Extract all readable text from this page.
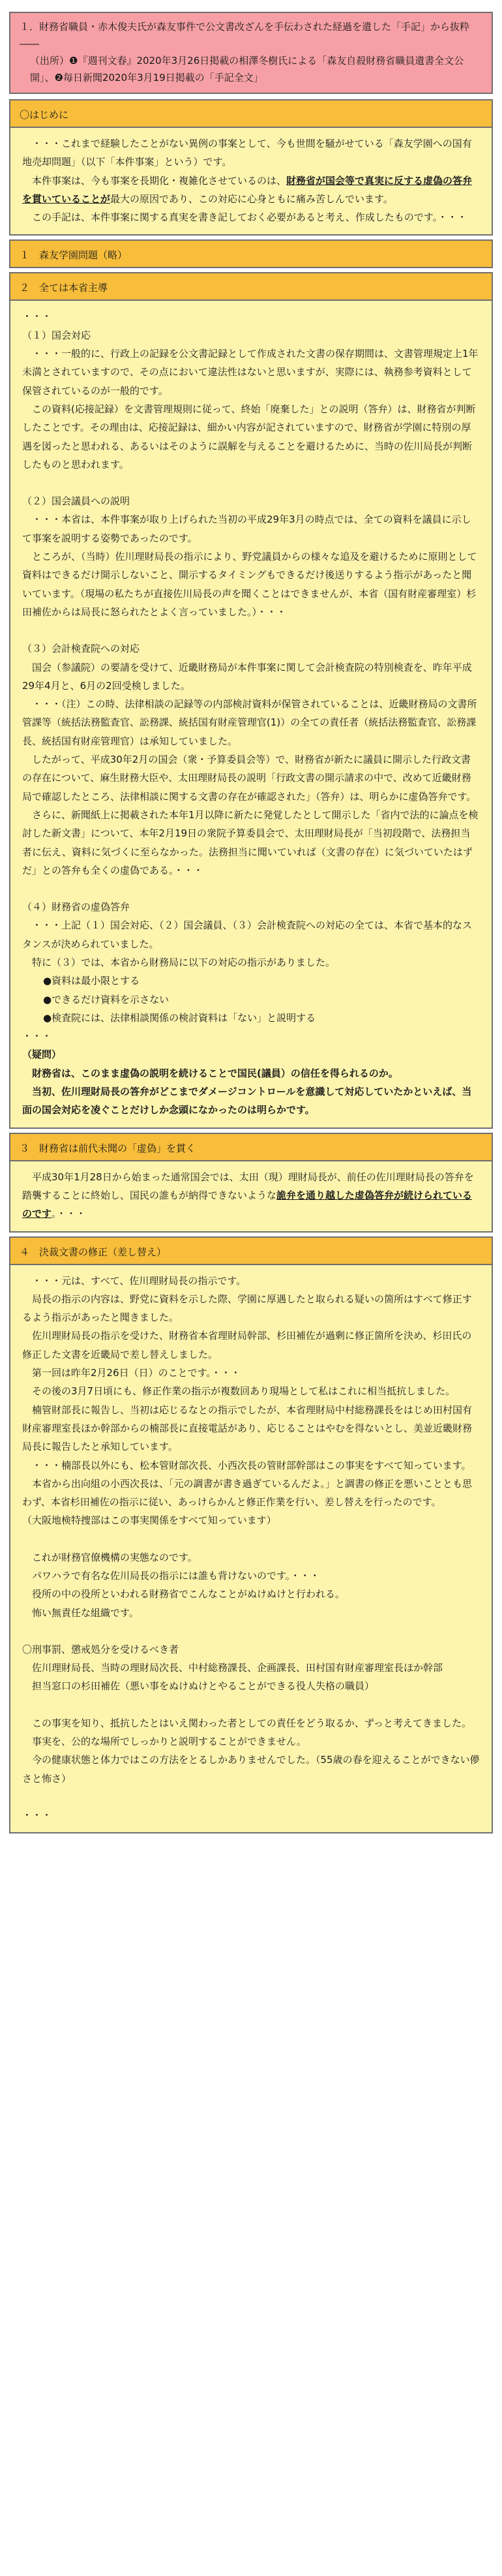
１．財務省職員・赤木俊夫氏が森友事件で公文書改ざんを手伝わされた経過を遺した「手記」から抜粋――
（出所）❶『週刊文春』2020年3月26日掲載の相澤冬樹氏による「森友自殺財務省職員遺書全文公開」、❷毎日新聞2020年3月19日掲載の「手記全文」
〇はじめに

　・・・これまで経験したことがない異例の事案として、今も世間を騒がせている「森友学園への国有地売却問題」（以下「本件事案」という）です。

　本件事案は、今も事案を長期化・複雑化させているのは、財務省が国会等で真実に反する虚偽の答弁を貫いていることが最大の原因であり、この対応に心身ともに痛み苦しんでいます。

　この手記は、本件事案に関する真実を書き記しておく必要があると考え、作成したものです。・・・

１　森友学園問題（略）
２　全ては本省主導

・・・

（１）国会対応

　・・・一般的に、行政上の記録を公文書記録として作成された文書の保存期間は、文書管理規定上1年未満とされていますので、その点において違法性はないと思いますが、実際には、執務参考資料として保管されているのが一般的です。

　この資料(応接記録）を文書管理規則に従って、終始「廃棄した」との説明（答弁）は、財務省が判断したことです。その理由は、応接記録は、細かい内容が記されていますので、財務省が学園に特別の厚遇を図ったと思われる、あるいはそのように誤解を与えることを避けるために、当時の佐川局長が判断したものと思われます。

（２）国会議員への説明

　・・・本省は、本件事案が取り上げられた当初の平成29年3月の時点では、全ての資料を議員に示して事案を説明する姿勢であったのです。

　ところが、（当時）佐川理財局長の指示により、野党議員からの様々な追及を避けるために原則として資料はできるだけ開示しないこと、開示するタイミングもできるだけ後送りするよう指示があったと聞いています。（現場の私たちが直接佐川局長の声を聞くことはできませんが、本省（国有財産審理室）杉田補佐からは局長に怒られたとよく言っていました。）・・・

（３）会計検査院への対応

　国会（参議院）の要請を受けて、近畿財務局が本件事案に関して会計検査院の特別検査を、昨年平成29年4月と、6月の2回受検しました。

　・・・（注）この時、法律相談の記録等の内部検討資料が保管されていることは、近畿財務局の文書所管課等（統括法務監査官、訟務課、統括国有財産管理官(1)）の全ての責任者（統括法務監査官、訟務課長、統括国有財産管理官）は承知していました。

　したがって、平成30年2月の国会（衆・予算委員会等）で、財務省が新たに議員に開示した行政文書の存在について、麻生財務大臣や、太田理財局長の説明「行政文書の開示請求の中で、改めて近畿財務局で確認したところ、法律相談に関する文書の存在が確認された」（答弁）は、明らかに虚偽答弁です。

　さらに、新聞紙上に掲載された本年1月以降に新たに発覚したとして開示した「省内で法的に論点を検討した新文書」について、本年2月19日の衆院予算委員会で、太田理財局長が「当初段階で、法務担当者に伝え、資料に気づくに至らなかった。法務担当に聞いていれば（文書の存在）に気づいていたはずだ」との答弁も全くの虚偽である。・・・

（４）財務省の虚偽答弁

　・・・上記（１）国会対応、（２）国会議員、（３）会計検査院への対応の全ては、本省で基本的なスタンスが決められていました。

　特に（３）では、本省から財務局に以下の対応の指示がありました。

●資料は最小限とする

●できるだけ資料を示さない

●検査院には、法律相談関係の検討資料は「ない」と説明する

・・・

（疑問）

　財務省は、このまま虚偽の説明を続けることで国民(議員）の信任を得られるのか。

　当初、佐川理財局長の答弁がどこまでダメージコントロールを意識して対応していたかといえば、当面の国会対応を凌ぐことだけしか念頭になかったのは明らかです。

３　財務省は前代未聞の「虚偽」を貫く

　平成30年1月28日から始まった通常国会では、太田（現）理財局長が、前任の佐川理財局長の答弁を踏襲することに終始し、国民の誰もが納得できないような詭弁を通り越した虚偽答弁が続けられているのです。・・・

４　決裁文書の修正（差し替え）

　・・・元は、すべて、佐川理財局長の指示です。

　局長の指示の内容は、野党に資料を示した際、学園に厚遇したと取られる疑いの箇所はすべて修正するよう指示があったと聞きました。

　佐川理財局長の指示を受けた、財務省本省理財局幹部、杉田補佐が過剰に修正箇所を決め、杉田氏の修正した文書を近畿局で差し替えしました。

　第一回は昨年2月26日（日）のことです。・・・

　その後の3月7日頃にも、修正作業の指示が複数回あり現場として私はこれに相当抵抗しました。

　楠管財部長に報告し、当初は応じるなとの指示でしたが、本省理財局中村総務課長をはじめ田村国有財産審理室長ほか幹部からの楠部長に直接電話があり、応じることはやむを得ないとし、美並近畿財務局長に報告したと承知しています。

　・・・楠部長以外にも、松本管財部次長、小西次長の管財部幹部はこの事実をすべて知っています。

　本省から出向組の小西次長は、「元の調書が書き過ぎているんだよ。」と調書の修正を悪いこととも思わず、本省杉田補佐の指示に従い、あっけらかんと修正作業を行い、差し替えを行ったのです。

（大阪地検特捜部はこの事実関係をすべて知っています）

　これが財務官僚機構の実態なのです。

　パワハラで有名な佐川局長の指示には誰も背けないのです。・・・

　役所の中の役所といわれる財務省でこんなことがぬけぬけと行われる。

　怖い無責任な組織です。

〇刑事罰、懲戒処分を受けるべき者

　佐川理財局長、当時の理財局次長、中村総務課長、企画課長、田村国有財産審理室長ほか幹部

　担当窓口の杉田補佐（悪い事をぬけぬけとやることができる役人失格の職員）

　この事実を知り、抵抗したとはいえ関わった者としての責任をどう取るか、ずっと考えてきました。

　事実を、公的な場所でしっかりと説明することができません。

　今の健康状態と体力ではこの方法をとるしかありませんでした。（55歳の春を迎えることができない儚さと怖さ）

・・・
